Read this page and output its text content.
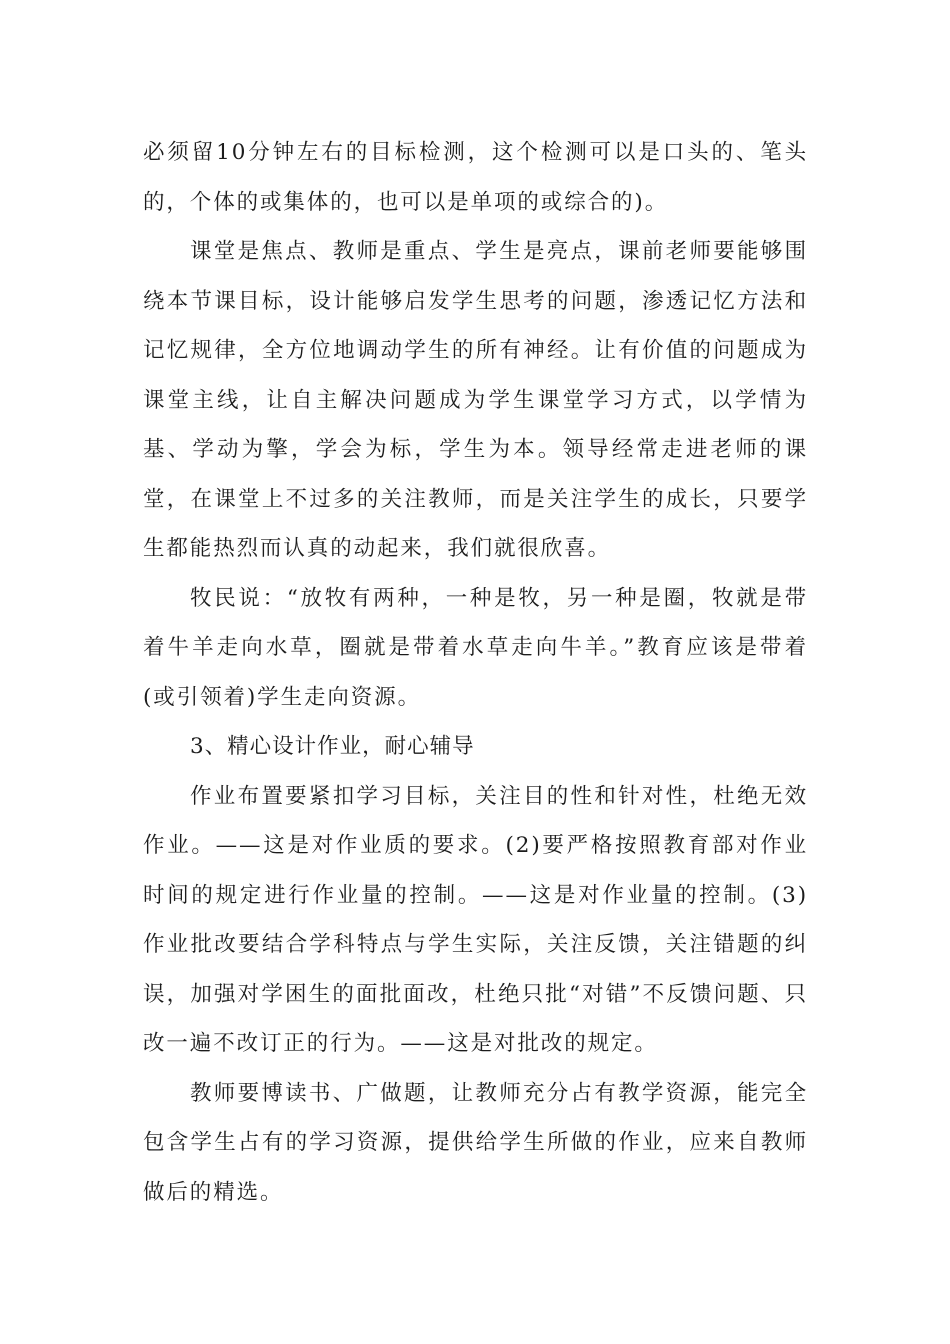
必须留10分钟左右的目标检测，这个检测可以是口头的、笔头的，个体的或集体的，也可以是单项的或综合的)。

课堂是焦点、教师是重点、学生是亮点，课前老师要能够围绕本节课目标，设计能够启发学生思考的问题，渗透记忆方法和记忆规律，全方位地调动学生的所有神经。让有价值的问题成为课堂主线，让自主解决问题成为学生课堂学习方式，以学情为基、学动为擎，学会为标，学生为本。领导经常走进老师的课堂，在课堂上不过多的关注教师，而是关注学生的成长，只要学生都能热烈而认真的动起来，我们就很欣喜。

牧民说：“放牧有两种，一种是牧，另一种是圈，牧就是带着牛羊走向水草，圈就是带着水草走向牛羊。”教育应该是带着(或引领着)学生走向资源。

3、精心设计作业，耐心辅导

作业布置要紧扣学习目标，关注目的性和针对性，杜绝无效作业。——这是对作业质的要求。(2)要严格按照教育部对作业时间的规定进行作业量的控制。——这是对作业量的控制。(3)作业批改要结合学科特点与学生实际，关注反馈，关注错题的纠误，加强对学困生的面批面改，杜绝只批“对错”不反馈问题、只改一遍不改订正的行为。——这是对批改的规定。

教师要博读书、广做题，让教师充分占有教学资源，能完全包含学生占有的学习资源，提供给学生所做的作业，应来自教师做后的精选。
